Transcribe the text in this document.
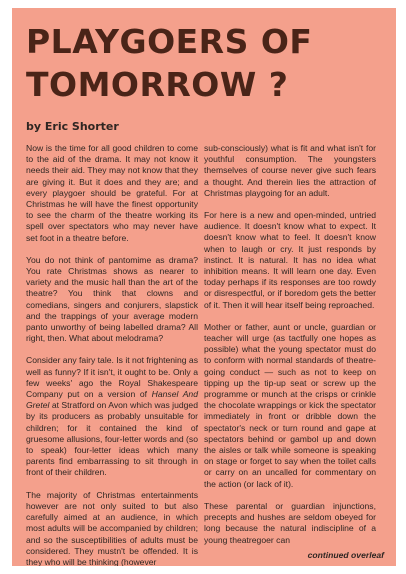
PLAYGOERS OF
TOMORROW ?

by Eric Shorter

Now is the time for all good children to come to the aid of the drama. It may not know it needs their aid. They may not know that they are giving it. But it does and they are; and every playgoer should be grateful. For at Christmas he will have the finest opportunity to see the charm of the theatre working its spell over spectators who may never have set foot in a theatre before.

You do not think of pantomime as drama? You rate Christmas shows as nearer to variety and the music hall than the art of the theatre? You think that clowns and comedians, singers and conjurers, slapstick and the trappings of your average modern panto unworthy of being labelled drama? All right, then. What about melodrama?

Consider any fairy tale. Is it not frightening as well as funny? If it isn't, it ought to be. Only a few weeks' ago the Royal Shakespeare Company put on a version of Hansel And Gretel at Stratford on Avon which was judged by its producers as probably unsuitable for children; for it contained the kind of gruesome allusions, four-letter words and (so to speak) four-letter ideas which many parents find embarrassing to sit through in front of their children.

The majority of Christmas entertainments however are not only suited to but also carefully aimed at an audience, in which most adults will be accompanied by children; and so the susceptibilities of adults must be considered. They mustn't be offended. It is they who will be thinking (however

sub-consciously) what is fit and what isn't for youthful consumption. The youngsters themselves of course never give such fears a thought. And therein lies the attraction of Christmas playgoing for an adult.

For here is a new and open-minded, untried audience. It doesn't know what to expect. It doesn't know what to feel. It doesn't know when to laugh or cry. It just responds by instinct. It is natural. It has no idea what inhibition means. It will learn one day. Even today perhaps if its responses are too rowdy or disrespectful, or if boredom gets the better of it. Then it will hear itself being reproached.

Mother or father, aunt or uncle, guardian or teacher will urge (as tactfully one hopes as possible) what the young spectator must do to conform with normal standards of theatre-going conduct — such as not to keep on tipping up the tip-up seat or screw up the programme or munch at the crisps or crinkle the chocolate wrappings or kick the spectator immediately in front or dribble down the spectator's neck or turn round and gape at spectators behind or gambol up and down the aisles or talk while someone is speaking on stage or forget to say when the toilet calls or carry on an uncalled for commentary on the action (or lack of it).

These parental or guardian injunctions, precepts and hushes are seldom obeyed for long because the natural indiscipline of a young theatregoer can

continued overleaf
